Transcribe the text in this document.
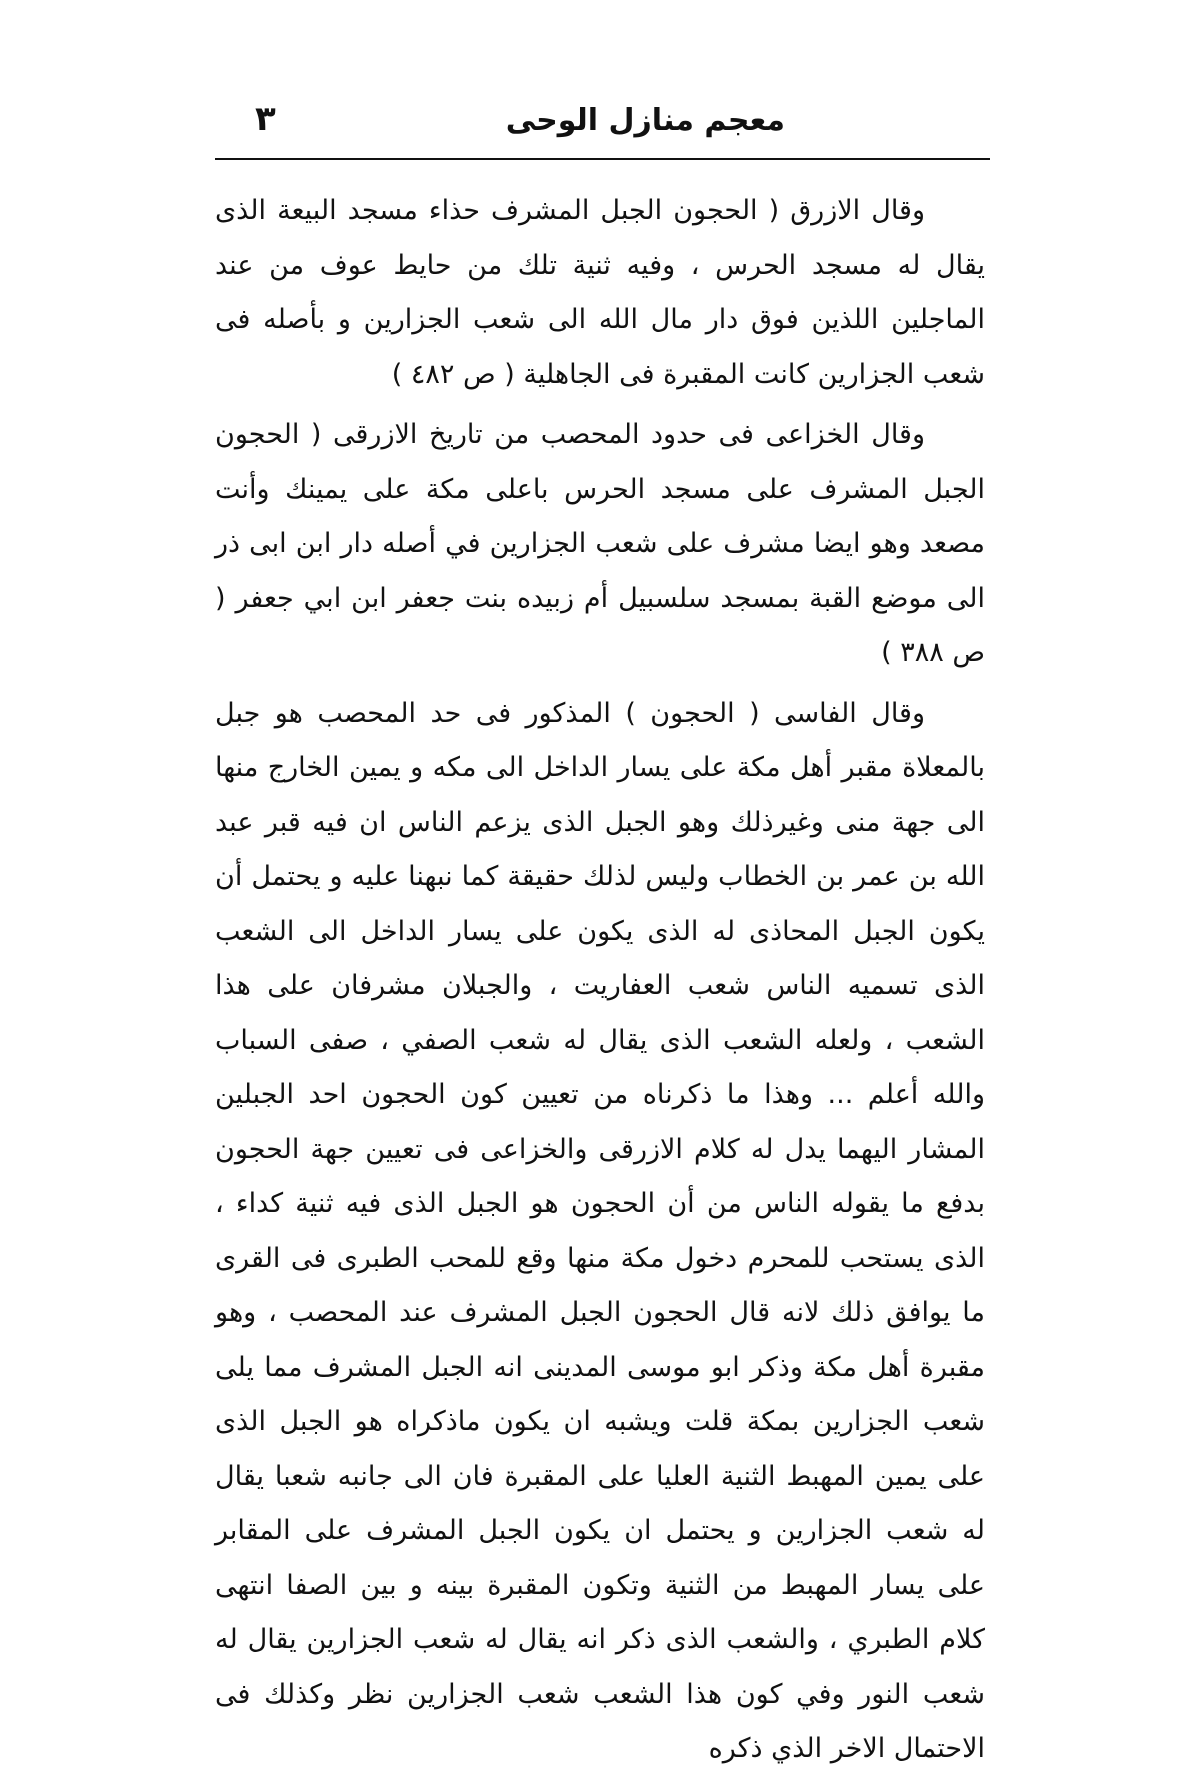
معجم منازل الوحى
٣

وقال الازرق ( الحجون الجبل المشرف حذاء مسجد البيعة الذى يقال له مسجد الحرس ، وفيه ثنية تلك من حايط عوف من عند الماجلين اللذين فوق دار مال الله الى شعب الجزارين و بأصله فى شعب الجزارين كانت المقبرة فى الجاهلية ( ص ٤٨٢ )

وقال الخزاعى فى حدود المحصب من تاريخ الازرقى ( الحجون الجبل المشرف على مسجد الحرس باعلى مكة على يمينك وأنت مصعد وهو ايضا مشرف على شعب الجزارين في أصله دار ابن ابى ذر الى موضع القبة بمسجد سلسبيل أم زبيده بنت جعفر ابن ابي جعفر ( ص ٣٨٨ )

وقال الفاسى ( الحجون ) المذكور فى حد المحصب هو جبل بالمعلاة مقبر أهل مكة على يسار الداخل الى مكه و يمين الخارج منها الى جهة منى وغيرذلك وهو الجبل الذى يزعم الناس ان فيه قبر عبد الله بن عمر بن الخطاب وليس لذلك حقيقة كما نبهنا عليه و يحتمل أن يكون الجبل المحاذى له الذى يكون على يسار الداخل الى الشعب الذى تسميه الناس شعب العفاريت ، والجبلان مشرفان على هذا الشعب ، ولعله الشعب الذى يقال له شعب الصفي ، صفى السباب والله أعلم ... وهذا ما ذكرناه من تعيين كون الحجون احد الجبلين المشار اليهما يدل له كلام الازرقى والخزاعى فى تعيين جهة الحجون بدفع ما يقوله الناس من أن الحجون هو الجبل الذى فيه ثنية كداء ، الذى يستحب للمحرم دخول مكة منها وقع للمحب الطبرى فى القرى ما يوافق ذلك لانه قال الحجون الجبل المشرف عند المحصب ، وهو مقبرة أهل مكة وذكر ابو موسى المدينى انه الجبل المشرف مما يلى شعب الجزارين بمكة قلت ويشبه ان يكون ماذكراه هو الجبل الذى على يمين المهبط الثنية العليا على المقبرة فان الى جانبه شعبا يقال له شعب الجزارين و يحتمل ان يكون الجبل المشرف على المقابر على يسار المهبط من الثنية وتكون المقبرة بينه و بين الصفا انتهى كلام الطبري ، والشعب الذى ذكر انه يقال له شعب الجزارين يقال له شعب النور وفي كون هذا الشعب شعب الجزارين نظر وكذلك فى الاحتمال الاخر الذي ذكره
